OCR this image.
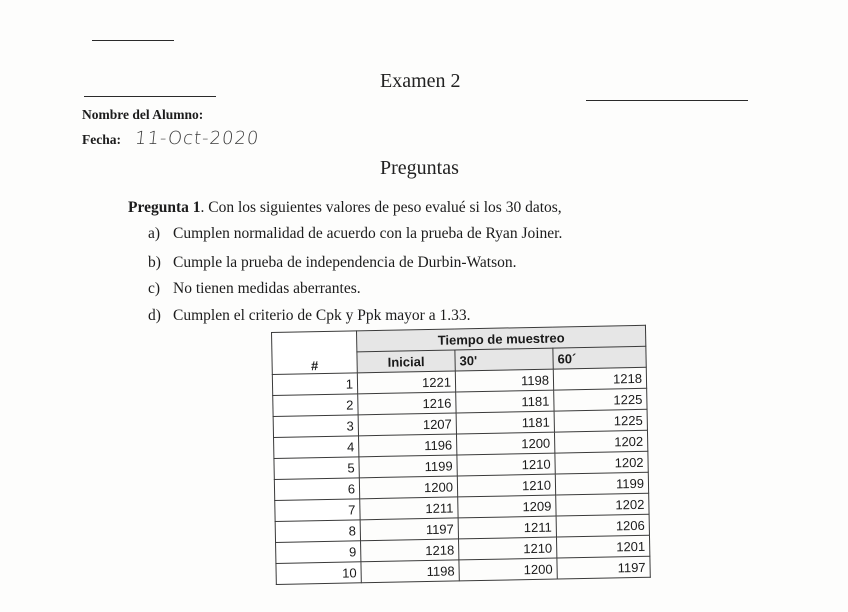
Examen 2
Nombre del Alumno:
Fecha: 11-Oct-2020
Preguntas
Pregunta 1. Con los siguientes valores de peso evalué si los 30 datos,
a) Cumplen normalidad de acuerdo con la prueba de Ryan Joiner.
b) Cumple la prueba de independencia de Durbin-Watson.
c) No tienen medidas aberrantes.
d) Cumplen el criterio de Cpk y Ppk mayor a 1.33.
#	Tiempo de muestreo		
	Inicial	30'	60´
1	1221	1198	1218
2	1216	1181	1225
3	1207	1181	1225
4	1196	1200	1202
5	1199	1210	1202
6	1200	1210	1199
7	1211	1209	1202
8	1197	1211	1206
9	1218	1210	1201
10	1198	1200	1197
